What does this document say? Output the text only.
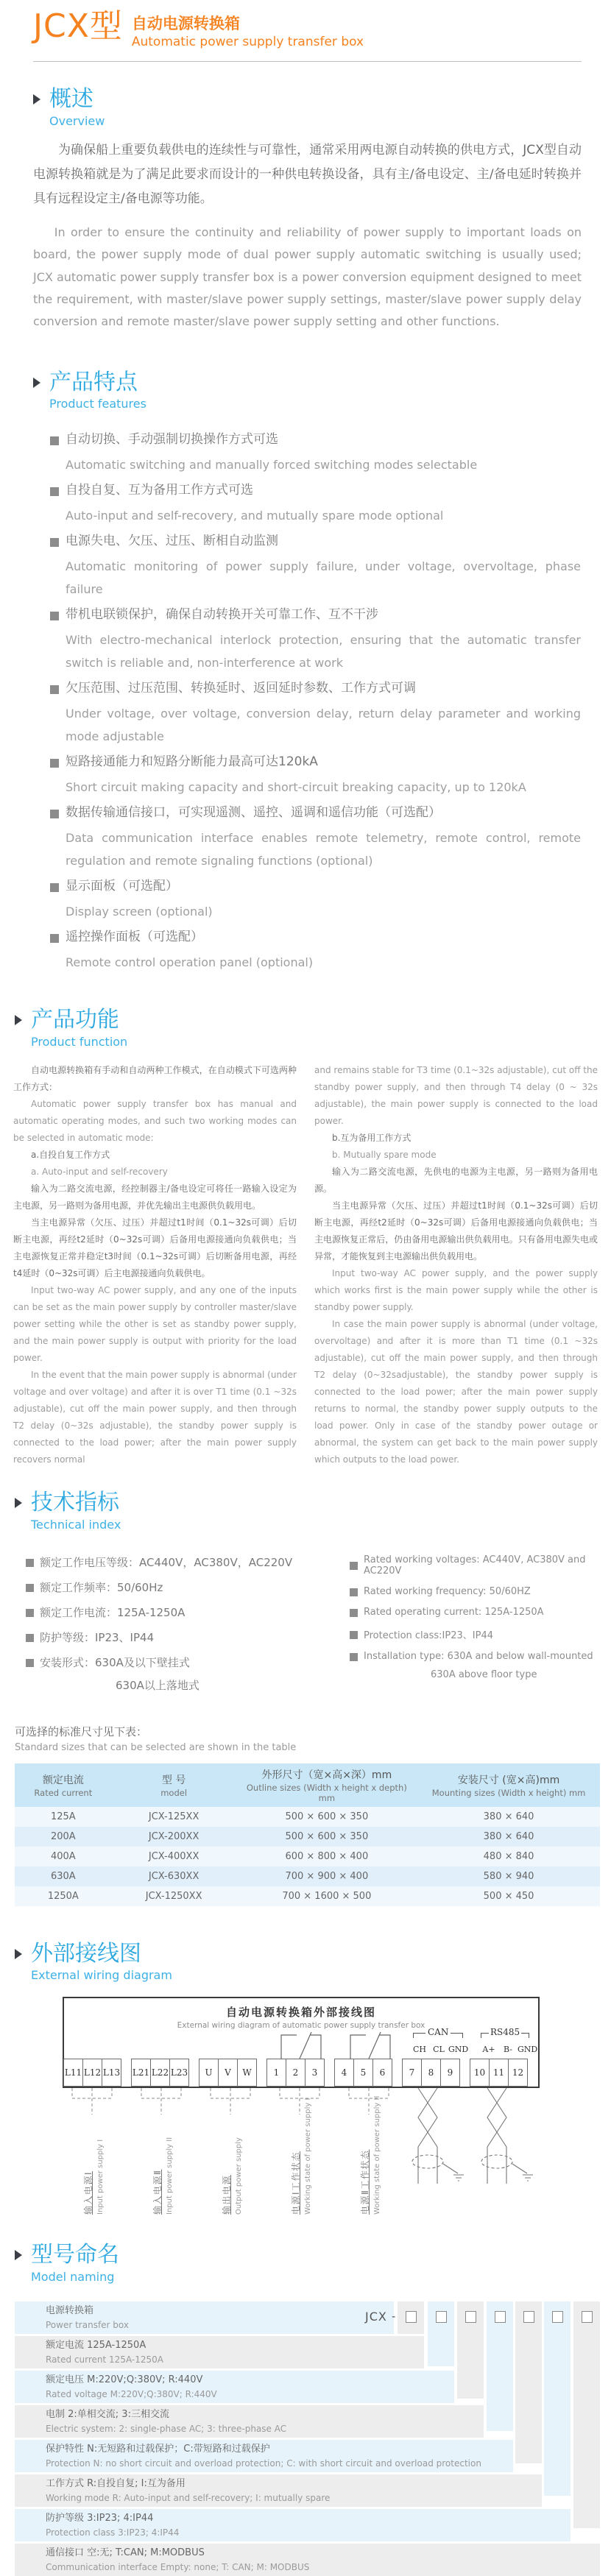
JCX型 自动电源转换箱
Automatic power supply transfer box
概述
Overview

为确保船上重要负载供电的连续性与可靠性，通常采用两电源自动转换的供电方式，JCX型自动电源转换箱就是为了满足此要求而设计的一种供电转换设备，具有主/备电设定、主/备电延时转换并具有远程设定主/备电源等功能。

In order to ensure the continuity and reliability of power supply to important loads on board, the power supply mode of dual power supply automatic switching is usually used; JCX automatic power supply transfer box is a power conversion equipment designed to meet the requirement, with master/slave power supply settings, master/slave power supply delay conversion and remote master/slave power supply setting and other functions.

产品特点
Product features
自动切换、手动强制切换操作方式可选
Automatic switching and manually forced switching modes selectable
自投自复、互为备用工作方式可选
Auto-input and self-recovery, and mutually spare mode optional
电源失电、欠压、过压、断相自动监测
Automatic monitoring of power supply failure, under voltage, overvoltage, phase failure
带机电联锁保护，确保自动转换开关可靠工作、互不干涉
With electro-mechanical interlock protection, ensuring that the automatic transfer switch is reliable and, non-interference at work
欠压范围、过压范围、转换延时、返回延时参数、工作方式可调
Under voltage, over voltage, conversion delay, return delay parameter and working mode adjustable
短路接通能力和短路分断能力最高可达120kA
Short circuit making capacity and short-circuit breaking capacity, up to 120kA
数据传输通信接口，可实现遥测、遥控、遥调和遥信功能（可选配）
Data communication interface enables remote telemetry, remote control, remote regulation and remote signaling functions (optional)
显示面板（可选配）
Display screen (optional)
遥控操作面板（可选配）
Remote control operation panel (optional)
产品功能
Product function

自动电源转换箱有手动和自动两种工作模式，在自动模式下可选两种工作方式：

Automatic power supply transfer box has manual and automatic operating modes, and such two working modes can be selected in automatic mode:

a.自投自复工作方式

a. Auto-input and self-recovery

输入为二路交流电源，经控制器主/备电设定可将任一路输入设定为主电源，另一路则为备用电源，并优先输出主电源供负载用电。

当主电源异常（欠压、过压）并超过t1时间（0.1~32s可调）后切断主电源，再经t2延时（0~32s可调）后备用电源接通向负载供电；当主电源恢复正常并稳定t3时间（0.1~32s可调）后切断备用电源，再经t4延时（0~32s可调）后主电源接通向负载供电。

Input two-way AC power supply, and any one of the inputs can be set as the main power supply by controller master/slave power setting while the other is set as standby power supply, and the main power supply is output with priority for the load power.

In the event that the main power supply is abnormal (under voltage and over voltage) and after it is over T1 time (0.1 ~32s adjustable), cut off the main power supply, and then through T2 delay (0~32s adjustable), the standby power supply is connected to the load power; after the main power supply recovers normal

and remains stable for T3 time (0.1~32s adjustable), cut off the standby power supply, and then through T4 delay (0 ~ 32s adjustable), the main power supply is connected to the load power.

b.互为备用工作方式

b. Mutually spare mode

输入为二路交流电源，先供电的电源为主电源，另一路则为备用电源。

当主电源异常（欠压、过压）并超过t1时间（0.1~32s可调）后切断主电源，再经t2延时（0~32s可调）后备用电源接通向负载供电；当主电源恢复正常后，仍由备用电源输出供负载用电。只有备用电源失电或异常，才能恢复到主电源输出供负载用电。

Input two-way AC power supply, and the power supply which works first is the main power supply while the other is standby power supply.

In case the main power supply is abnormal (under voltage, overvoltage) and after it is more than T1 time (0.1 ~32s adjustable), cut off the main power supply, and then through T2 delay (0~32sadjustable), the standby power supply is connected to the load power; after the main power supply returns to normal, the standby power supply outputs to the load power. Only in case of the standby power outage or abnormal, the system can get back to the main power supply which outputs to the load power.

技术指标
Technical index
额定工作电压等级：AC440V，AC380V，AC220V
额定工作频率：50/60Hz
额定工作电流：125A-1250A
防护等级：IP23、IP44
安装形式：630A及以下壁挂式
630A以上落地式
Rated working voltages: AC440V, AC380V and AC220V
Rated working frequency: 50/60HZ
Rated operating current: 125A-1250A
Protection class:IP23、IP44
Installation type: 630A and below wall-mounted
630A above floor type
可选择的标准尺寸见下表：
Standard sizes that can be selected are shown in the table
额定电流
Rated current

型 号
model

外形尺寸（宽×高×深）mm
Outline sizes (Width x height x depth) mm

安装尺寸 (宽×高)mm
Mounting sizes (Width x height) mm

125A	JCX-125XX	500 × 600 × 350	380 × 640
200A	JCX-200XX	500 × 600 × 350	380 × 640
400A	JCX-400XX	600 × 800 × 400	480 × 840
630A	JCX-630XX	700 × 900 × 400	580 × 940
1250A	JCX-1250XX	700 × 1600 × 500	500 × 450
外部接线图
External wiring diagram
自动电源转换箱外部接线图
External wiring diagram of automatic power supply transfer box
CAN
CH CL GND
RS485
A+	B- GND
L11 L12 L13 L21 L22 L23	U	V	W	1	2	3	4	5	6	7	8	9	10 11 12
输入电源Ⅰ Input power supply I	输入电源Ⅱ Input power supply II	输出电源 Output power supply	电源Ⅰ工作状态 Working state of power supply I	电源Ⅱ工作状态 Working state of power supply II
型号命名
Model naming
电源转换箱
Power transfer box
额定电流 125A-1250A
Rated current 125A-1250A
额定电压 M:220V;Q:380V; R:440V
Rated voltage M:220V;Q:380V; R:440V
电制 2:单相交流; 3:三相交流
Electric system: 2: single-phase AC; 3: three-phase AC
保护特性 N:无短路和过载保护；C:带短路和过载保护
Protection N: no short circuit and overload protection; C: with short circuit and overload protection
工作方式 R:自投自复; I:互为备用
Working mode R: Auto-input and self-recovery; I: mutually spare
防护等级 3:IP23; 4:IP44
Protection class 3:IP23; 4:IP44
通信接口 空:无; T:CAN; M:MODBUS
Communication interface Empty: none; T: CAN; M: MODBUS
JCX -
